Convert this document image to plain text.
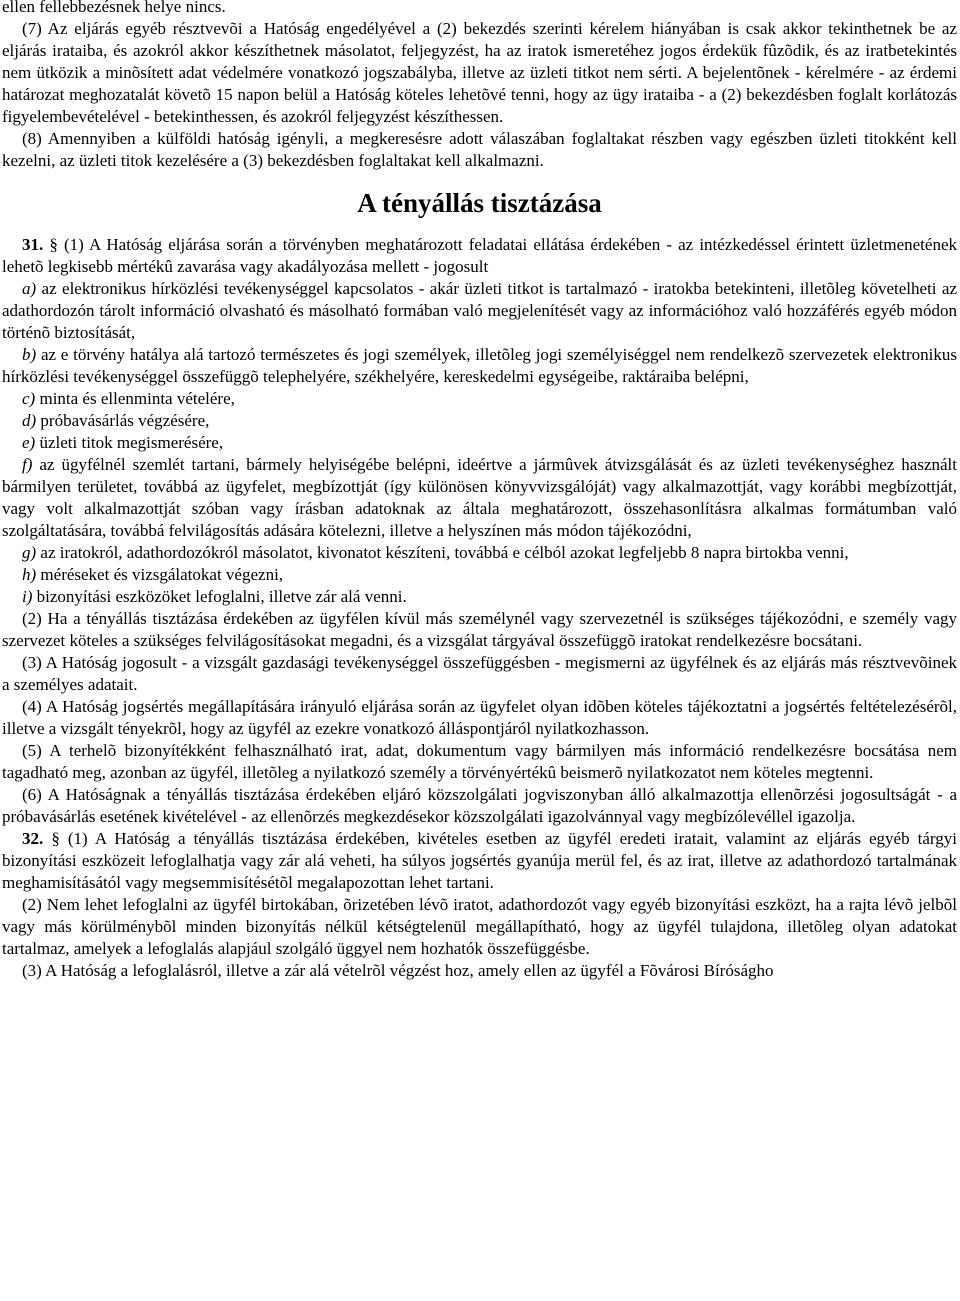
ellen fellebbezésnek helye nincs.

(7) Az eljárás egyéb résztvevõi a Hatóság engedélyével a (2) bekezdés szerinti kérelem hiányában is csak akkor tekinthetnek be az eljárás irataiba, és azokról akkor készíthetnek másolatot, feljegyzést, ha az iratok ismeretéhez jogos érdekük fûzõdik, és az iratbetekintés nem ütközik a minõsített adat védelmére vonatkozó jogszabályba, illetve az üzleti titkot nem sérti. A bejelentõnek - kérelmére - az érdemi határozat meghozatalát követõ 15 napon belül a Hatóság köteles lehetõvé tenni, hogy az ügy irataiba - a (2) bekezdésben foglalt korlátozás figyelembevételével - betekinthessen, és azokról feljegyzést készíthessen.

(8) Amennyiben a külföldi hatóság igényli, a megkeresésre adott válaszában foglaltakat részben vagy egészben üzleti titokként kell kezelni, az üzleti titok kezelésére a (3) bekezdésben foglaltakat kell alkalmazni.

A tényállás tisztázása

31. § (1) A Hatóság eljárása során a törvényben meghatározott feladatai ellátása érdekében - az intézkedéssel érintett üzletmenetének lehetõ legkisebb mértékû zavarása vagy akadályozása mellett - jogosult

a) az elektronikus hírközlési tevékenységgel kapcsolatos - akár üzleti titkot is tartalmazó - iratokba betekinteni, illetõleg követelheti az adathordozón tárolt információ olvasható és másolható formában való megjelenítését vagy az információhoz való hozzáférés egyéb módon történõ biztosítását,

b) az e törvény hatálya alá tartozó természetes és jogi személyek, illetõleg jogi személyiséggel nem rendelkezõ szervezetek elektronikus hírközlési tevékenységgel összefüggõ telephelyére, székhelyére, kereskedelmi egységeibe, raktáraiba belépni,

c) minta és ellenminta vételére,

d) próbavásárlás végzésére,

e) üzleti titok megismerésére,

f) az ügyfélnél szemlét tartani, bármely helyiségébe belépni, ideértve a jármûvek átvizsgálását és az üzleti tevékenységhez használt bármilyen területet, továbbá az ügyfelet, megbízottját (így különösen könyvvizsgálóját) vagy alkalmazottját, vagy korábbi megbízottját, vagy volt alkalmazottját szóban vagy írásban adatoknak az általa meghatározott, összehasonlításra alkalmas formátumban való szolgáltatására, továbbá felvilágosítás adására kötelezni, illetve a helyszínen más módon tájékozódni,

g) az iratokról, adathordozókról másolatot, kivonatot készíteni, továbbá e célból azokat legfeljebb 8 napra birtokba venni,

h) méréseket és vizsgálatokat végezni,

i) bizonyítási eszközöket lefoglalni, illetve zár alá venni.

(2) Ha a tényállás tisztázása érdekében az ügyfélen kívül más személynél vagy szervezetnél is szükséges tájékozódni, e személy vagy szervezet köteles a szükséges felvilágosításokat megadni, és a vizsgálat tárgyával összefüggõ iratokat rendelkezésre bocsátani.

(3) A Hatóság jogosult - a vizsgált gazdasági tevékenységgel összefüggésben - megismerni az ügyfélnek és az eljárás más résztvevõinek a személyes adatait.

(4) A Hatóság jogsértés megállapítására irányuló eljárása során az ügyfelet olyan idõben köteles tájékoztatni a jogsértés feltételezésérõl, illetve a vizsgált tényekrõl, hogy az ügyfél az ezekre vonatkozó álláspontjáról nyilatkozhasson.

(5) A terhelõ bizonyítékként felhasználható irat, adat, dokumentum vagy bármilyen más információ rendelkezésre bocsátása nem tagadható meg, azonban az ügyfél, illetõleg a nyilatkozó személy a törvényértékû beismerõ nyilatkozatot nem köteles megtenni.

(6) A Hatóságnak a tényállás tisztázása érdekében eljáró közszolgálati jogviszonyban álló alkalmazottja ellenõrzési jogosultságát - a próbavásárlás esetének kivételével - az ellenõrzés megkezdésekor közszolgálati igazolvánnyal vagy megbízólevéllel igazolja.

32. § (1) A Hatóság a tényállás tisztázása érdekében, kivételes esetben az ügyfél eredeti iratait, valamint az eljárás egyéb tárgyi bizonyítási eszközeit lefoglalhatja vagy zár alá veheti, ha súlyos jogsértés gyanúja merül fel, és az irat, illetve az adathordozó tartalmának meghamisításától vagy megsemmisítésétõl megalapozottan lehet tartani.

(2) Nem lehet lefoglalni az ügyfél birtokában, õrizetében lévõ iratot, adathordozót vagy egyéb bizonyítási eszközt, ha a rajta lévõ jelbõl vagy más körülménybõl minden bizonyítás nélkül kétségtelenül megállapítható, hogy az ügyfél tulajdona, illetõleg olyan adatokat tartalmaz, amelyek a lefoglalás alapjául szolgáló üggyel nem hozhatók összefüggésbe.

(3) A Hatóság a lefoglalásról, illetve a zár alá vételrõl végzést hoz, amely ellen az ügyfél a Fõvárosi Bíróságho
